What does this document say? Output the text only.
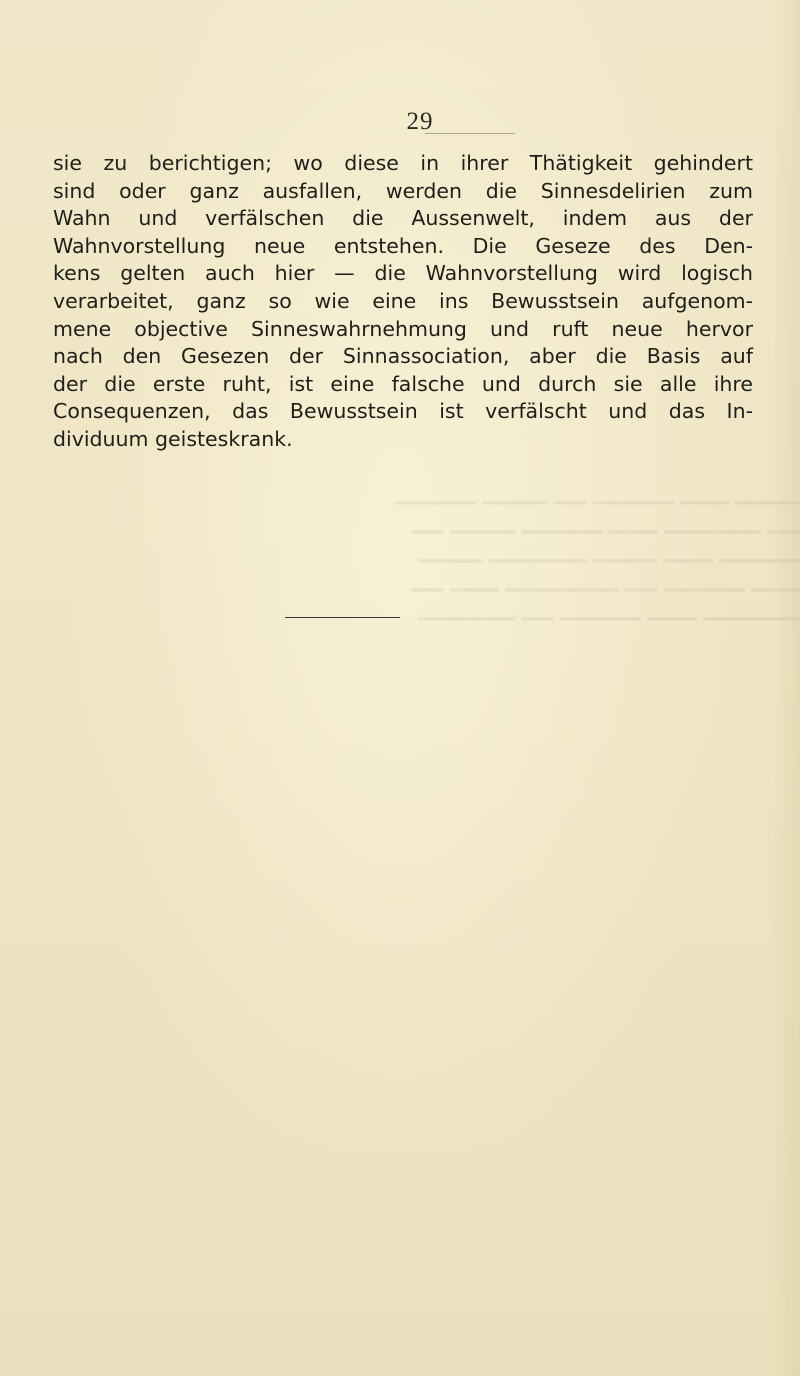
29
▔▔▔▔ ▔▔▔ ▔▔▔▔▔ ▔▔ ▔▔▔▔ ▔▔▔▔▔
▔▔ ▔▔▔▔▔▔ ▔▔▔ ▔▔▔▔▔ ▔▔▔▔ ▔▔
▔▔▔▔▔ ▔▔▔ ▔▔▔▔ ▔▔▔▔▔▔ ▔▔▔▔
▔▔▔ ▔▔▔▔▔ ▔▔ ▔▔▔▔▔▔▔ ▔▔▔ ▔▔
▔▔▔▔▔▔ ▔▔▔ ▔▔▔▔▔ ▔▔ ▔▔▔▔▔▔
sie zu berichtigen; wo diese in ihrer Thätigkeit gehindert
sind oder ganz ausfallen, werden die Sinnesdelirien zum
Wahn und verfälschen die Aussenwelt, indem aus der
Wahnvorstellung neue entstehen. Die Geseze des Den-
kens gelten auch hier — die Wahnvorstellung wird logisch
verarbeitet, ganz so wie eine ins Bewusstsein aufgenom-
mene objective Sinneswahrnehmung und ruft neue hervor
nach den Gesezen der Sinnassociation, aber die Basis auf
der die erste ruht, ist eine falsche und durch sie alle ihre
Consequenzen, das Bewusstsein ist verfälscht und das In-
dividuum geisteskrank.
